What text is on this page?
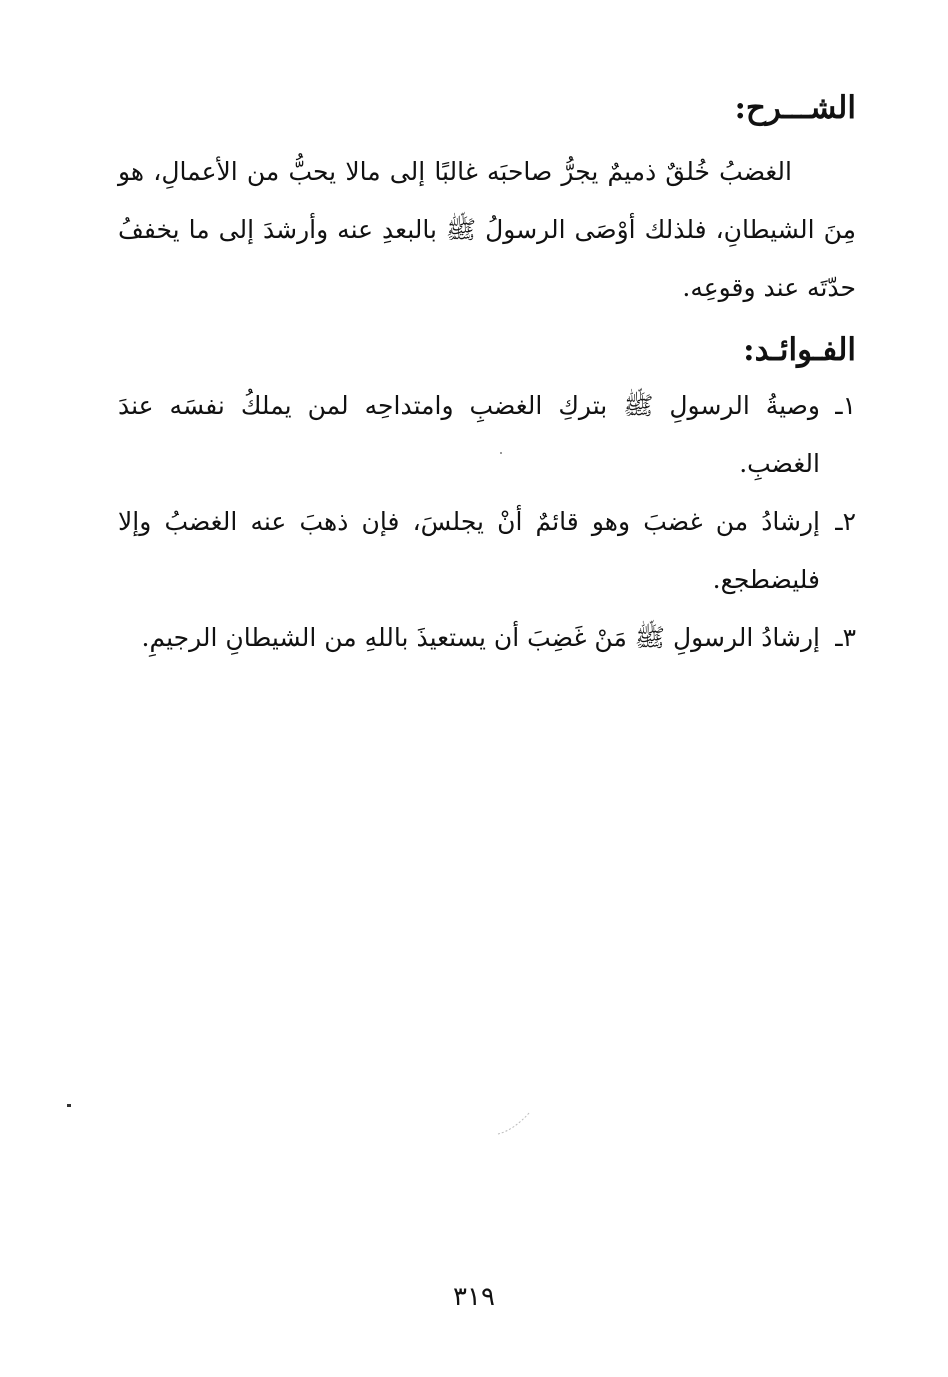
الشـــرح:
الغضبُ خُلقٌ ذميمٌ يجرُّ صاحبَه غالبًا إلى مالا يحبُّ من الأعمالِ، هو مِنَ الشيطانِ، فلذلك أوْصَى الرسولُ ﷺ بالبعدِ عنه وأرشدَ إلى ما يخففُ حدّتَه عند وقوعِه.
الفـوائـد:
١ـ
وصيةُ الرسولِ ﷺ بتركِ الغضبِ وامتداحِه لمن يملكُ نفسَه عندَ الغضبِ.
٢ـ
إرشادُ من غضبَ وهو قائمٌ أنْ يجلسَ، فإن ذهبَ عنه الغضبُ وإلا فليضطجع.
٣ـ
إرشادُ الرسولِ ﷺ مَنْ غَضِبَ أن يستعيذَ باللهِ من الشيطانِ الرجيمِ.
٣١٩
